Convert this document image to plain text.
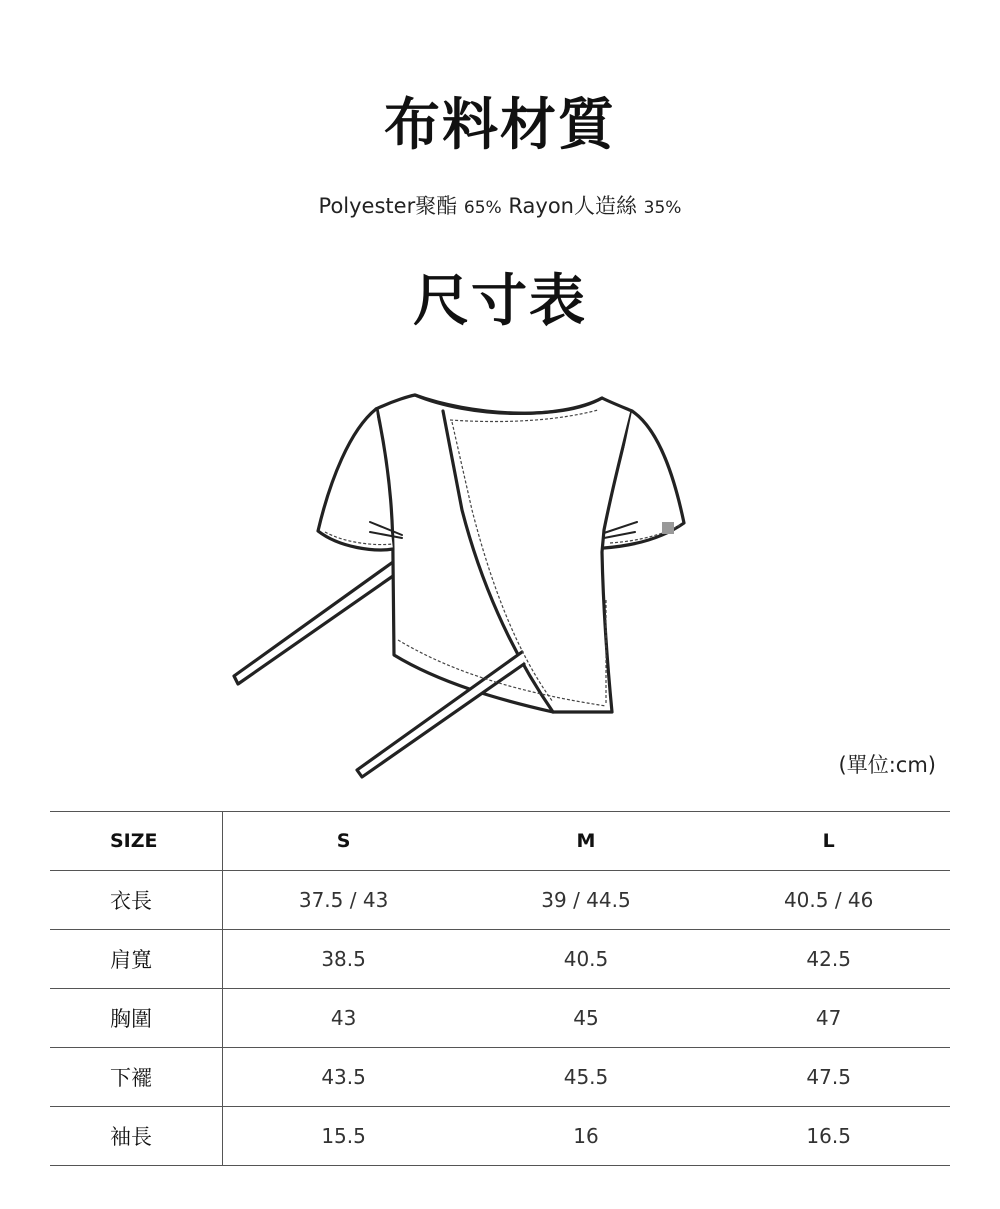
布料材質
Polyester聚酯 65% Rayon人造絲 35%
尺寸表
(單位:cm)
SIZE	S	M	L
衣長	37.5 / 43	39 / 44.5	40.5 / 46
肩寬	38.5	40.5	42.5
胸圍	43	45	47
下襬	43.5	45.5	47.5
袖長	15.5	16	16.5
